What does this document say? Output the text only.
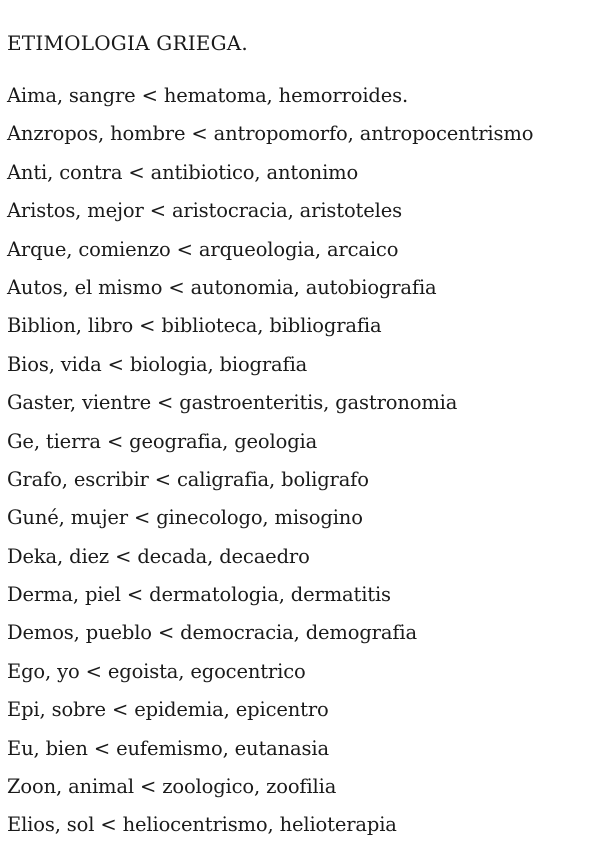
ETIMOLOGIA GRIEGA.
Aima, sangre < hematoma, hemorroides.
Anzropos, hombre < antropomorfo, antropocentrismo
Anti, contra < antibiotico, antonimo
Aristos, mejor < aristocracia, aristoteles
Arque, comienzo < arqueologia, arcaico
Autos, el mismo < autonomia, autobiografia
Biblion, libro < biblioteca, bibliografia
Bios, vida < biologia, biografia
Gaster, vientre < gastroenteritis, gastronomia
Ge, tierra < geografia, geologia
Grafo, escribir < caligrafia, boligrafo
Guné, mujer < ginecologo, misogino
Deka, diez < decada, decaedro
Derma, piel < dermatologia, dermatitis
Demos, pueblo < democracia, demografia
Ego, yo < egoista, egocentrico
Epi, sobre < epidemia, epicentro
Eu, bien < eufemismo, eutanasia
Zoon, animal < zoologico, zoofilia
Elios, sol < heliocentrismo, helioterapia
